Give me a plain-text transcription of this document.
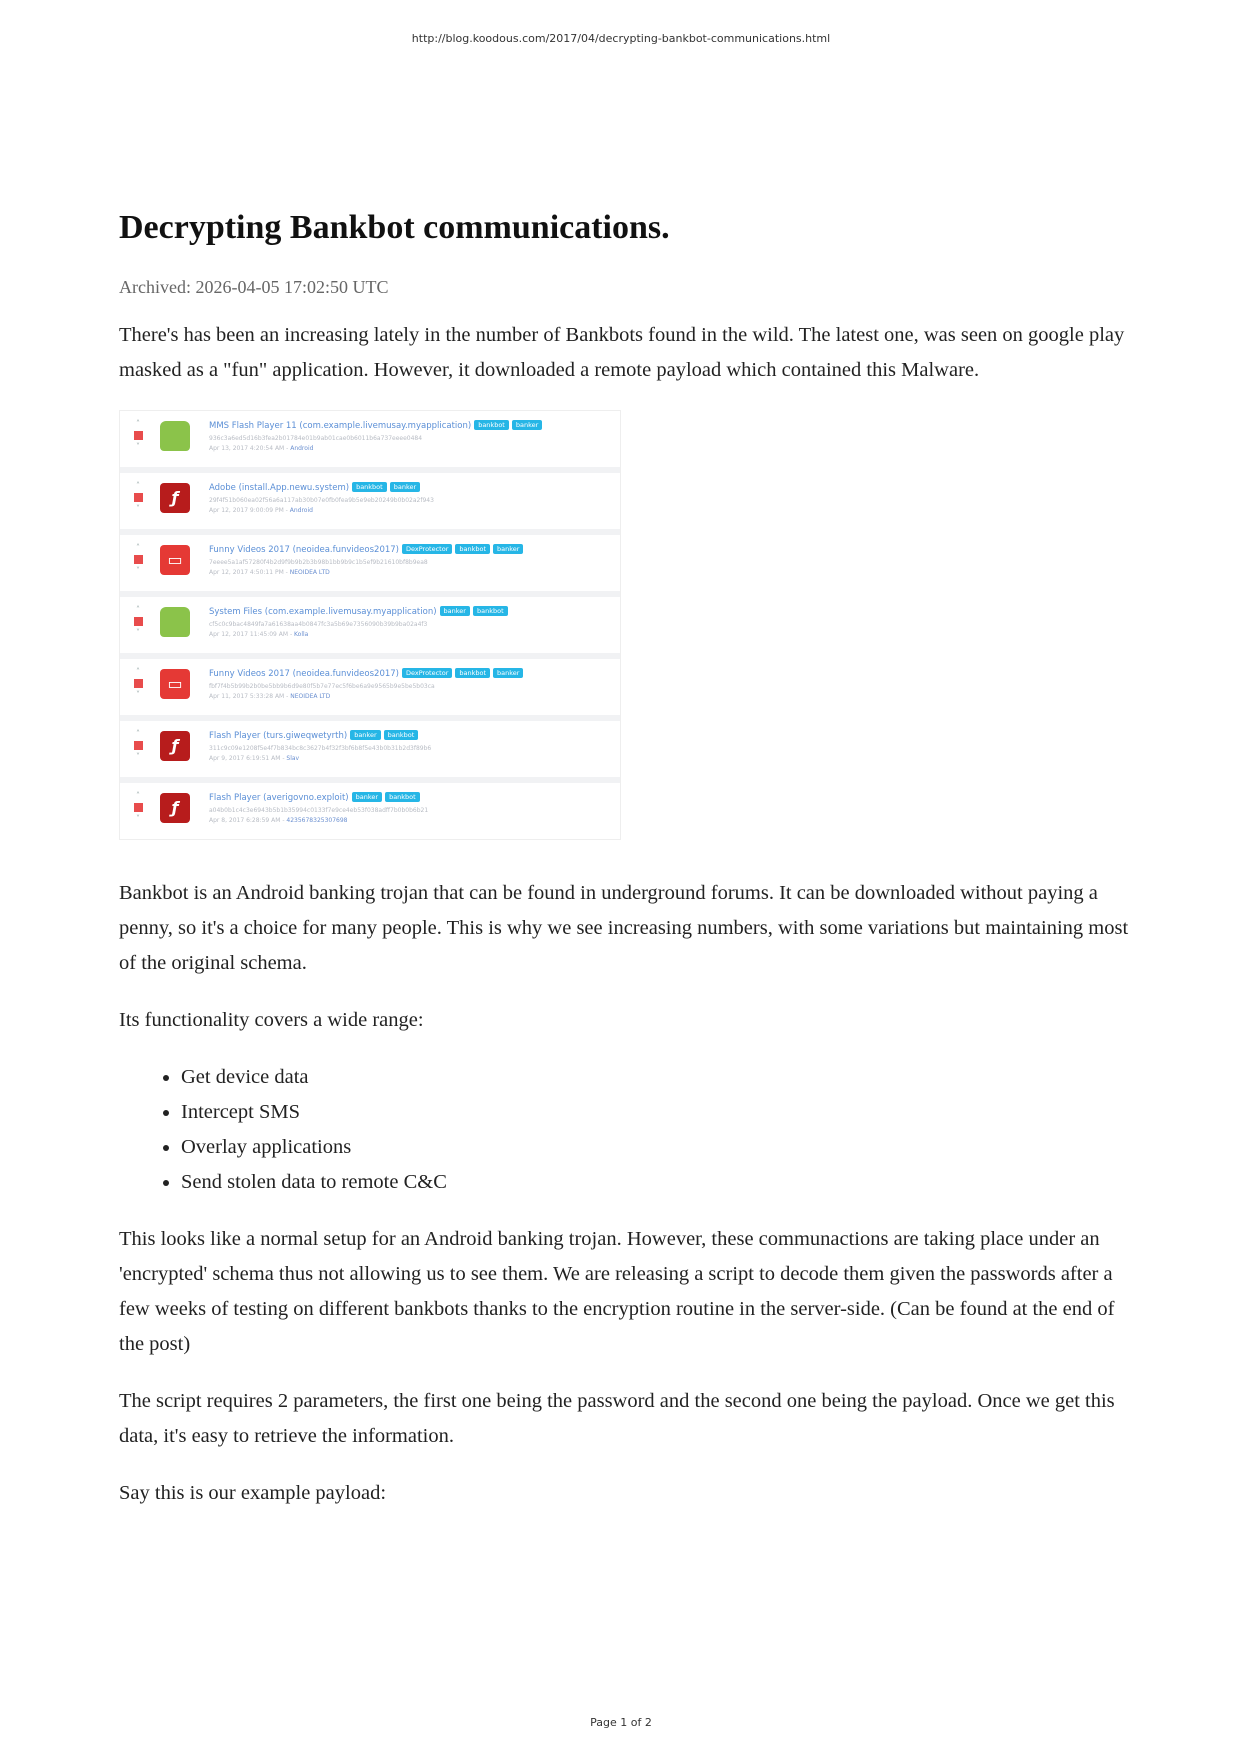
http://blog.koodous.com/2017/04/decrypting-bankbot-communications.html
Decrypting Bankbot communications.
Archived: 2026-04-05 17:02:50 UTC

There's has been an increasing lately in the number of Bankbots found in the wild. The latest one, was seen on google play masked as a "fun" application. However, it downloaded a remote payload which contained this Malware.

˄
˅
MMS Flash Player 11 (com.example.livemusay.myapplication) bankbot banker
936c3a6ed5d16b3fea2b01784e01b9ab01cae0b6011b6a737eeee0484
Apr 13, 2017 4:20:54 AM - Android
˄
˅
ƒ	Adobe (install.App.newu.system) bankbot banker
29f4f51b060ea02f56a6a117ab30b07e0fb0fea9b5e9eb20249b0b02a2f943
Apr 12, 2017 9:00:09 PM - Android
˄
˅
▭	Funny Videos 2017 (neoidea.funvideos2017) DexProtector bankbot banker
7eeee5a1af57280f4b2d9f9b9b2b3b98b1bb9b9c1b5ef9b21610bf8b9ea8
Apr 12, 2017 4:50:11 PM - NEOIDEA LTD
˄
˅
System Files (com.example.livemusay.myapplication) banker bankbot
cf5c0c9bac4849fa7a61638aa4b0847fc3a5b69e7356090b39b9ba02a4f3
Apr 12, 2017 11:45:09 AM - Kolla
˄
˅
▭	Funny Videos 2017 (neoidea.funvideos2017) DexProtector bankbot banker
fbf7f4b5b99b2b0be5bb9b6d9e80f5b7e77ec5f6be6a9e9565b9e5be5b03ca
Apr 11, 2017 5:33:28 AM - NEOIDEA LTD
˄
˅
ƒ	Flash Player (turs.giweqwetyrth) banker bankbot
311c9c09e1208f5e4f7b834bc8c3627b4f32f3bf6b8f5e43b0b31b2d3f89b6
Apr 9, 2017 6:19:51 AM - Slav
˄
˅
ƒ	Flash Player (averigovno.exploit) banker bankbot
a04b0b1c4c3e6943b5b1b35994c0133f7e9ce4eb53f038adff7b0b0b6b21
Apr 8, 2017 6:28:59 AM - 4235678325307698

Bankbot is an Android banking trojan that can be found in underground forums. It can be downloaded without paying a penny, so it's a choice for many people. This is why we see increasing numbers, with some variations but maintaining most of the original schema.

Its functionality covers a wide range:

• Get device data
• Intercept SMS
• Overlay applications
• Send stolen data to remote C&C

This looks like a normal setup for an Android banking trojan. However, these communactions are taking place under an 'encrypted' schema thus not allowing us to see them. We are releasing a script to decode them given the passwords after a few weeks of testing on different bankbots thanks to the encryption routine in the server-side. (Can be found at the end of the post)

The script requires 2 parameters, the first one being the password and the second one being the payload. Once we get this data, it's easy to retrieve the information.

Say this is our example payload:

Page 1 of 2
